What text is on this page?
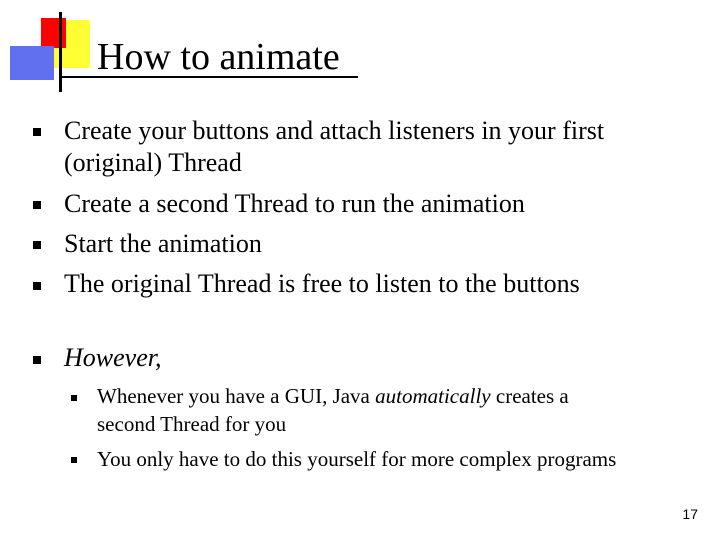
How to animate
Create your buttons and attach listeners in your first
(original) Thread
Create a second Thread to run the animation
Start the animation
The original Thread is free to listen to the buttons
However,
Whenever you have a GUI, Java automatically creates a
second Thread for you
You only have to do this yourself for more complex programs
17
